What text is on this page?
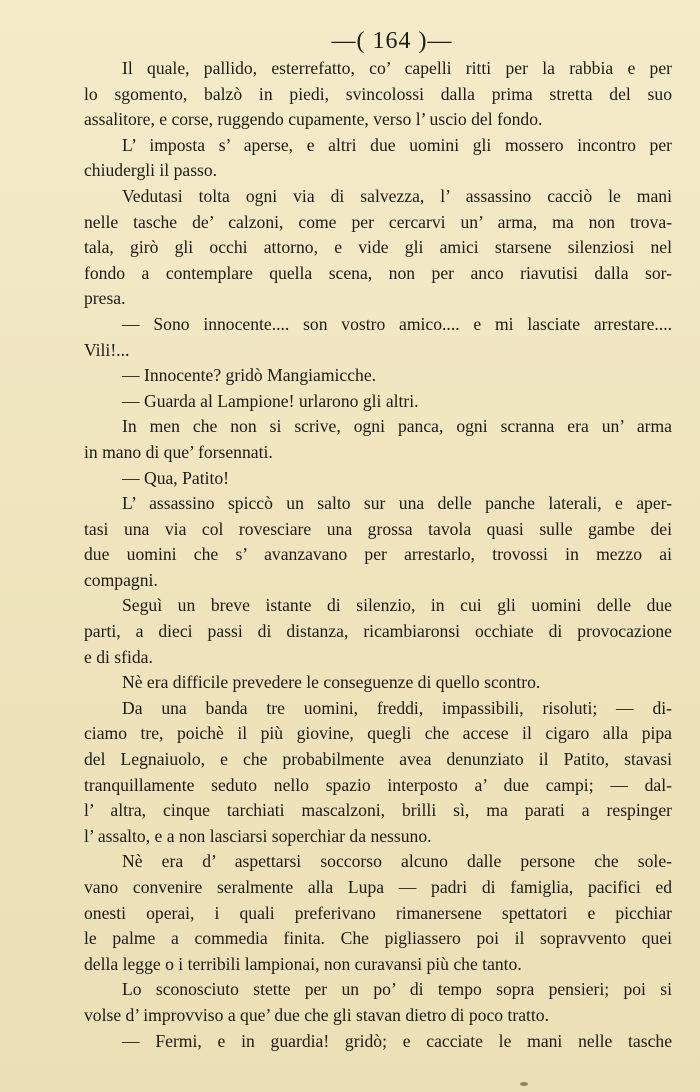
—( 164 )—
Il quale, pallido, esterrefatto, co’ capelli ritti per la rabbia e per
lo sgomento, balzò in piedi, svincolossi dalla prima stretta del suo
assalitore, e corse, ruggendo cupamente, verso l’ uscio del fondo.
L’ imposta s’ aperse, e altri due uomini gli mossero incontro per
chiudergli il passo.
Vedutasi tolta ogni via di salvezza, l’ assassino cacciò le mani
nelle tasche de’ calzoni, come per cercarvi un’ arma, ma non trova-
tala, girò gli occhi attorno, e vide gli amici starsene silenziosi nel
fondo a contemplare quella scena, non per anco riavutisi dalla sor-
presa.
— Sono innocente.... son vostro amico.... e mi lasciate arrestare....
Vili!...
— Innocente? gridò Mangiamicche.
— Guarda al Lampione! urlarono gli altri.
In men che non si scrive, ogni panca, ogni scranna era un’ arma
in mano di que’ forsennati.
— Qua, Patito!
L’ assassino spiccò un salto sur una delle panche laterali, e aper-
tasi una via col rovesciare una grossa tavola quasi sulle gambe dei
due uomini che s’ avanzavano per arrestarlo, trovossi in mezzo ai
compagni.
Seguì un breve istante di silenzio, in cui gli uomini delle due
parti, a dieci passi di distanza, ricambiaronsi occhiate di provocazione
e di sfida.
Nè era difficile prevedere le conseguenze di quello scontro.
Da una banda tre uomini, freddi, impassibili, risoluti; — di-
ciamo tre, poichè il più giovine, quegli che accese il cigaro alla pipa
del Legnaiuolo, e che probabilmente avea denunziato il Patito, stavasi
tranquillamente seduto nello spazio interposto a’ due campi; — dal-
l’ altra, cinque tarchiati mascalzoni, brilli sì, ma parati a respinger
l’ assalto, e a non lasciarsi soperchiar da nessuno.
Nè era d’ aspettarsi soccorso alcuno dalle persone che sole-
vano convenire seralmente alla Lupa — padri di famiglia, pacifici ed
onesti operai, i quali preferivano rimanersene spettatori e picchiar
le palme a commedia finita. Che pigliassero poi il sopravvento quei
della legge o i terribili lampionai, non curavansi più che tanto.
Lo sconosciuto stette per un po’ di tempo sopra pensieri; poi si
volse d’ improvviso a que’ due che gli stavan dietro di poco tratto.
— Fermi, e in guardia! gridò; e cacciate le mani nelle tasche
